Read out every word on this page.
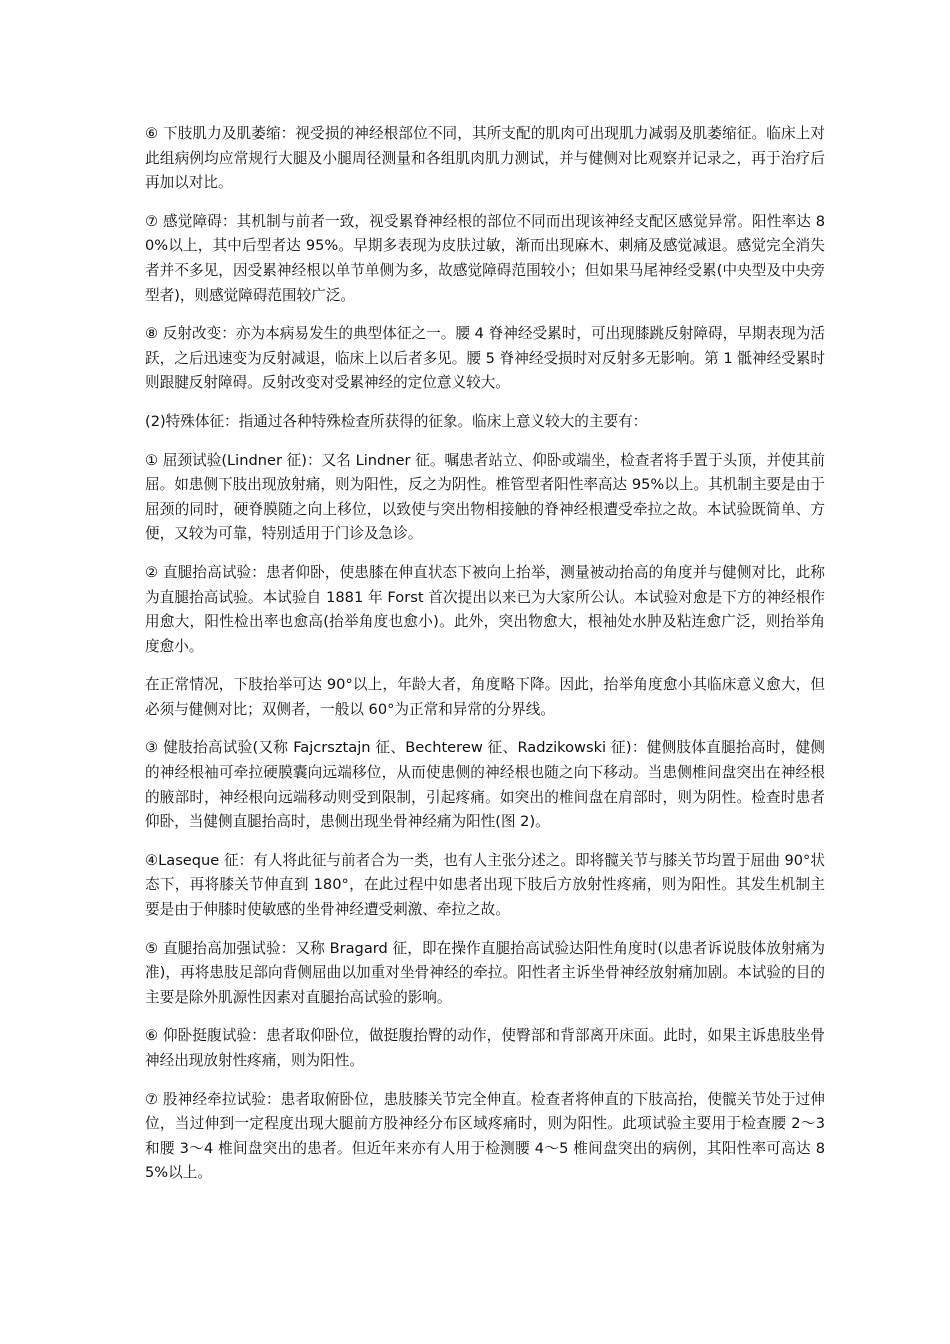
⑥ 下肢肌力及肌萎缩：视受损的神经根部位不同，其所支配的肌肉可出现肌力减弱及肌萎缩征。临床上对此组病例均应常规行大腿及小腿周径测量和各组肌肉肌力测试，并与健侧对比观察并记录之，再于治疗后再加以对比。

⑦ 感觉障碍：其机制与前者一致，视受累脊神经根的部位不同而出现该神经支配区感觉异常。阳性率达 80%以上，其中后型者达 95%。早期多表现为皮肤过敏，渐而出现麻木、刺痛及感觉减退。感觉完全消失者并不多见，因受累神经根以单节单侧为多，故感觉障碍范围较小；但如果马尾神经受累(中央型及中央旁型者)，则感觉障碍范围较广泛。

⑧ 反射改变：亦为本病易发生的典型体征之一。腰 4 脊神经受累时，可出现膝跳反射障碍，早期表现为活跃，之后迅速变为反射减退，临床上以后者多见。腰 5 脊神经受损时对反射多无影响。第 1 骶神经受累时则跟腱反射障碍。反射改变对受累神经的定位意义较大。

(2)特殊体征：指通过各种特殊检查所获得的征象。临床上意义较大的主要有：

① 屈颈试验(Lindner 征)：又名 Lindner 征。嘱患者站立、仰卧或端坐，检查者将手置于头顶，并使其前屈。如患侧下肢出现放射痛，则为阳性，反之为阴性。椎管型者阳性率高达 95%以上。其机制主要是由于屈颈的同时，硬脊膜随之向上移位，以致使与突出物相接触的脊神经根遭受牵拉之故。本试验既简单、方便，又较为可靠，特别适用于门诊及急诊。

② 直腿抬高试验：患者仰卧，使患膝在伸直状态下被向上抬举，测量被动抬高的角度并与健侧对比，此称为直腿抬高试验。本试验自 1881 年 Forst 首次提出以来已为大家所公认。本试验对愈是下方的神经根作用愈大，阳性检出率也愈高(抬举角度也愈小)。此外，突出物愈大，根袖处水肿及粘连愈广泛，则抬举角度愈小。

在正常情况，下肢抬举可达 90°以上，年龄大者，角度略下降。因此，抬举角度愈小其临床意义愈大，但必须与健侧对比；双侧者，一般以 60°为正常和异常的分界线。

③ 健肢抬高试验(又称 Fajcrsztajn 征、Bechterew 征、Radzikowski 征)：健侧肢体直腿抬高时，健侧的神经根袖可牵拉硬膜囊向远端移位，从而使患侧的神经根也随之向下移动。当患侧椎间盘突出在神经根的腋部时，神经根向远端移动则受到限制，引起疼痛。如突出的椎间盘在肩部时，则为阴性。检查时患者仰卧，当健侧直腿抬高时，患侧出现坐骨神经痛为阳性(图 2)。

④Laseque 征：有人将此征与前者合为一类，也有人主张分述之。即将髋关节与膝关节均置于屈曲 90°状态下，再将膝关节伸直到 180°，在此过程中如患者出现下肢后方放射性疼痛，则为阳性。其发生机制主要是由于伸膝时使敏感的坐骨神经遭受刺激、牵拉之故。

⑤ 直腿抬高加强试验：又称 Bragard 征，即在操作直腿抬高试验达阳性角度时(以患者诉说肢体放射痛为准)，再将患肢足部向背侧屈曲以加重对坐骨神经的牵拉。阳性者主诉坐骨神经放射痛加剧。本试验的目的主要是除外肌源性因素对直腿抬高试验的影响。

⑥ 仰卧挺腹试验：患者取仰卧位，做挺腹抬臀的动作，使臀部和背部离开床面。此时，如果主诉患肢坐骨神经出现放射性疼痛，则为阳性。

⑦ 股神经牵拉试验：患者取俯卧位，患肢膝关节完全伸直。检查者将伸直的下肢高抬，使髋关节处于过伸位，当过伸到一定程度出现大腿前方股神经分布区域疼痛时，则为阳性。此项试验主要用于检查腰 2～3 和腰 3～4 椎间盘突出的患者。但近年来亦有人用于检测腰 4～5 椎间盘突出的病例，其阳性率可高达 85%以上。
